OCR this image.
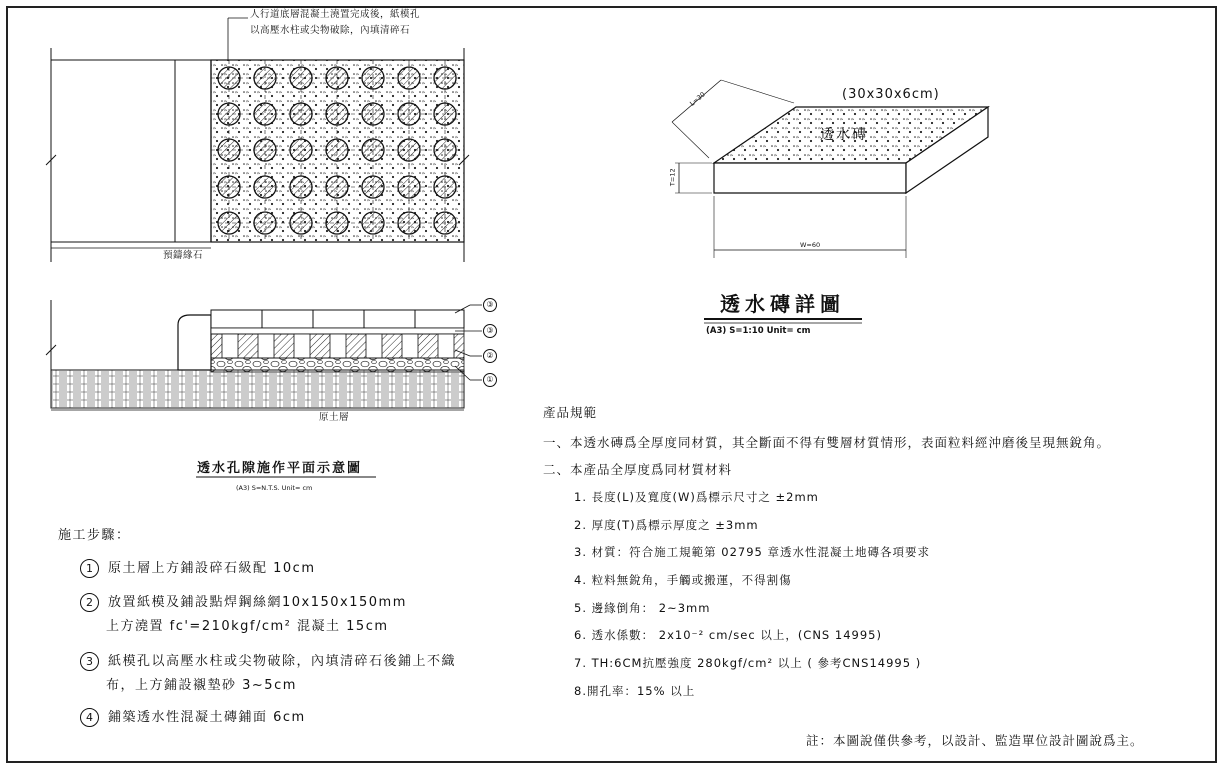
人行道底層混凝土澆置完成後，紙模孔
以高壓水柱或尖物破除，內填清碎石
預鑄緣石
③
③
②
①
原土層
透水孔隙施作平面示意圖
(A3) S=N.T.S. Unit= cm
施工步驟：
1 原土層上方鋪設碎石級配 10cm
2 放置紙模及鋪設點焊鋼絲網10x150x150mm
上方澆置 fc'=210kgf/cm² 混凝土 15cm
3 紙模孔以高壓水柱或尖物破除，內填清碎石後鋪上不織
布，上方鋪設襯墊砂 3~5cm
4 鋪築透水性混凝土磚鋪面 6cm
(30x30x6cm)
透水磚
L=30
T=12
W=60
透水磚詳圖
(A3) S=1:10 Unit= cm
產品規範
一、本透水磚爲全厚度同材質，其全斷面不得有雙層材質情形，表面粒料經沖磨後呈現無銳角。
二、本產品全厚度爲同材質材料
1. 長度(L)及寬度(W)爲標示尺寸之 ±2mm
2. 厚度(T)爲標示厚度之 ±3mm
3. 材質：符合施工規範第 02795 章透水性混凝土地磚各項要求
4. 粒料無銳角，手觸或搬運，不得割傷
5. 邊緣倒角： 2~3mm
6. 透水係數： 2x10⁻² cm/sec 以上，(CNS 14995)
7. TH:6CM抗壓強度 280kgf/cm² 以上 ( 參考CNS14995 )
8.開孔率：15% 以上
註：本圖說僅供參考，以設計、監造單位設計圖說爲主。
